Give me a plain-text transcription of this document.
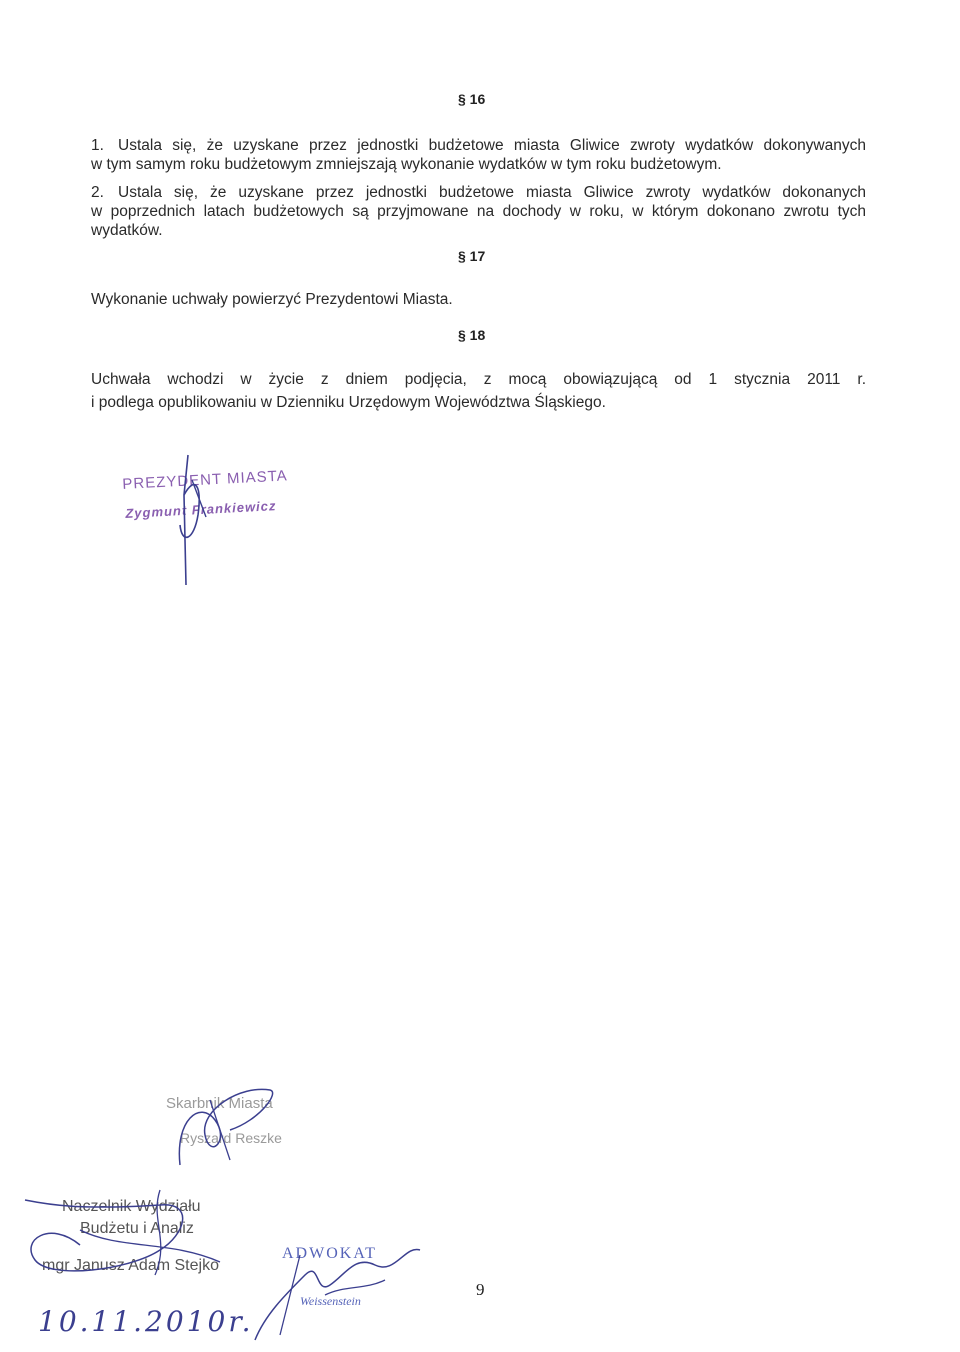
§ 16
1. Ustala się, że uzyskane przez jednostki budżetowe miasta Gliwice zwroty wydatków dokonywanych
w tym samym roku budżetowym zmniejszają wykonanie wydatków w tym roku budżetowym.
2. Ustala się, że uzyskane przez jednostki budżetowe miasta Gliwice zwroty wydatków dokonanych
w poprzednich latach budżetowych są przyjmowane na dochody w roku, w którym dokonano zwrotu tych
wydatków.
§ 17
Wykonanie uchwały powierzyć Prezydentowi Miasta.
§ 18
Uchwała wchodzi w życie z dniem podjęcia, z mocą obowiązującą od 1 stycznia 2011 r.
i podlega opublikowaniu w Dzienniku Urzędowym Województwa Śląskiego.
PREZYDENT MIASTA
Zygmunt Frankiewicz
Skarbnik Miasta
Ryszard Reszke
Naczelnik Wydziału
Budżetu i Analiz
mgr Janusz Adam Stejko
ADWOKAT
Weissenstein
10.11.2010r.
9
